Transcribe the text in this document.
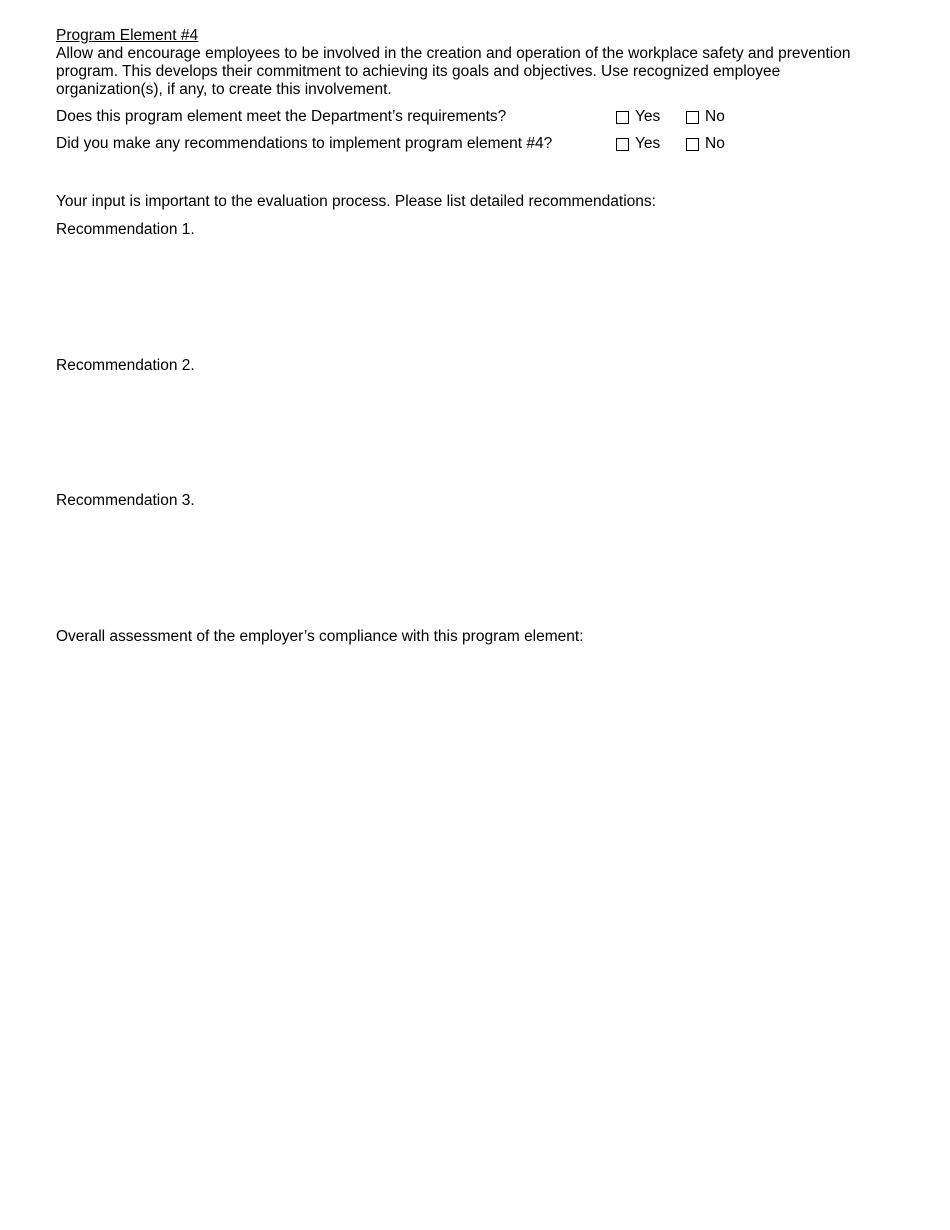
Program Element #4

Allow and encourage employees to be involved in the creation and operation of the workplace safety and prevention program. This develops their commitment to achieving its goals and objectives. Use recognized employee organization(s), if any, to create this involvement.

Does this program element meet the Department’s requirements?	Yes	No
Did you make any recommendations to implement program element #4?	Yes	No
Your input is important to the evaluation process. Please list detailed recommendations:
Recommendation 1.
Recommendation 2.
Recommendation 3.
Overall assessment of the employer’s compliance with this program element:
